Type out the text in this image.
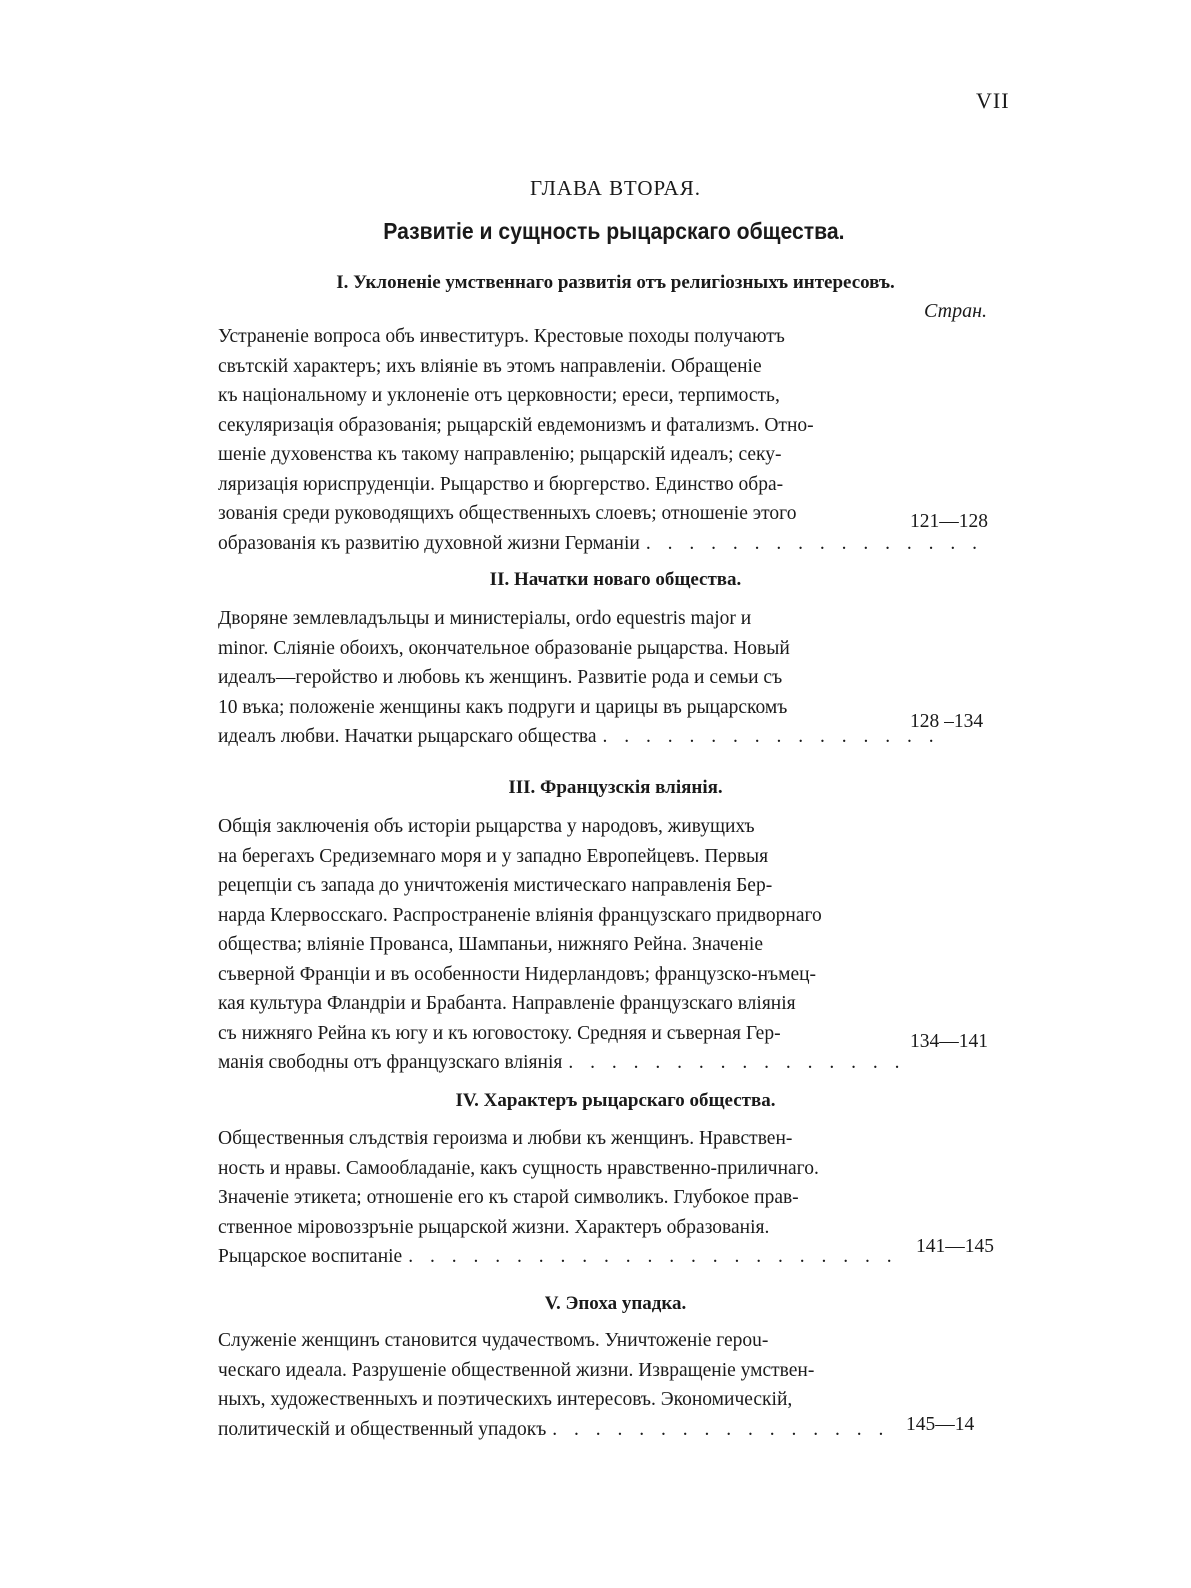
VII
ГЛАВА ВТОРАЯ.
Развитіе и сущность рыцарскаго общества.
Стран.
I. Уклоненіе умственнаго развитія отъ религіозныхъ интересовъ.
Устраненіе вопроса объ инвеституръ. Крестовые походы получаютъ
свътскій характеръ; ихъ вліяніе въ этомъ направленіи. Обращеніе
къ національному и уклоненіе отъ церковности; ереси, терпимость,
секуляризація образованія; рыцарскій евдемонизмъ и фатализмъ. Отно-
шеніе духовенства къ такому направленію; рыцарскій идеалъ; секу-
ляризація юриспруденціи. Рыцарство и бюргерство. Единство обра-
зованія среди руководящихъ общественныхъ слоевъ; отношеніе этого
образованія къ развитію духовной жизни Германіи . . . . . . . . . . . . . . . .
121—128
II. Начатки новаго общества.
Дворяне землевладъльцы и министеріалы, ordo equestris major и
minor. Сліяніе обоихъ, окончательное образованіе рыцарства. Новый
идеалъ—геройство и любовь къ женщинъ. Развитіе рода и семьи съ
10 въка; положеніе женщины какъ подруги и царицы въ рыцарскомъ
идеалъ любви. Начатки рыцарскаго общества . . . . . . . . . . . . . . . .
128 –134
III. Французскія вліянія.
Общія заключенія объ исторіи рыцарства у народовъ, живущихъ
на берегахъ Средиземнаго моря и у западно Европейцевъ. Первыя
рецепціи съ запада до уничтоженія мистическаго направленія Бер-
нарда Клервосскаго. Распространеніе вліянія французскаго придворнаго
общества; вліяніе Прованса, Шампаньи, нижняго Рейна. Значеніе
съверной Франціи и въ особенности Нидерландовъ; французско-нъмец-
кая культура Фландріи и Брабанта. Направленіе французскаго вліянія
съ нижняго Рейна къ югу и къ юговостоку. Средняя и съверная Гер-
манія свободны отъ французскаго вліянія . . . . . . . . . . . . . . . .
134—141
IV. Характеръ рыцарскаго общества.
Общественныя слъдствія героизма и любви къ женщинъ. Нравствен-
ность и нравы. Самообладаніе, какъ сущность нравственно-приличнаго.
Значеніе этикета; отношеніе его къ старой символикъ. Глубокое прав-
ственное міровоззръніе рыцарской жизни. Характеръ образованія.
Рыцарское воспитаніе . . . . . . . . . . . . . . . . . . . . . . . 141—145
V. Эпоха упадка.
Служеніе женщинъ становится чудачествомъ. Уничтоженіе героu-
ческаго идеала. Разрушеніе общественной жизни. Извращеніе умствен-
ныхъ, художественныхъ и поэтическихъ интересовъ. Экономическій,
политическій и общественный упадокъ . . . . . . . . . . . . . . . . 145—14
